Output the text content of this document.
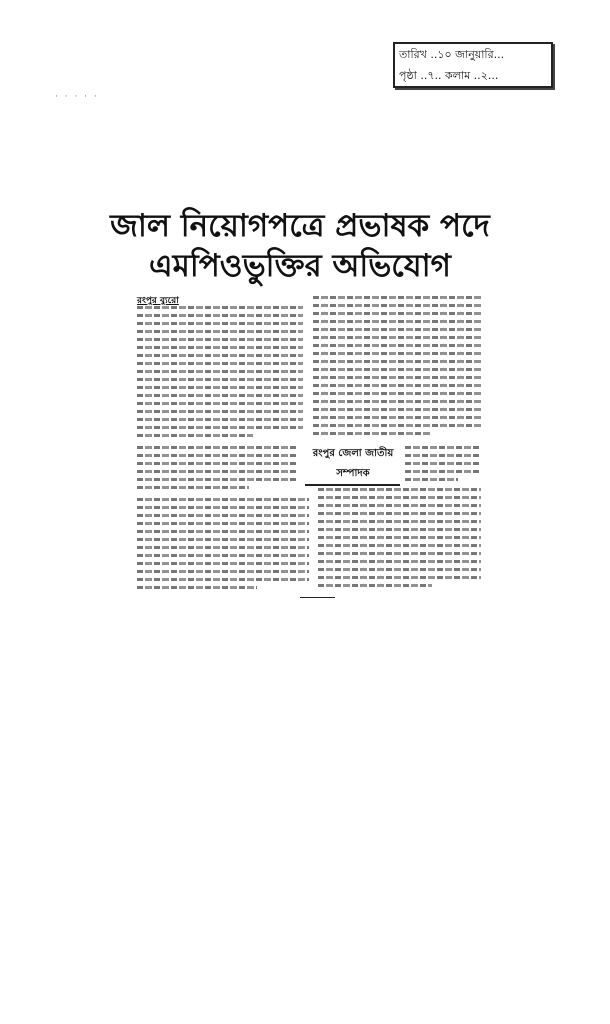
· · · · ·
তারিখ ..১০ জানুয়ারি...
পৃষ্ঠা ..৭.. কলাম ..২...
জাল নিয়োগপত্রে প্রভাষক পদে
এমপিওভুক্তির অভিযোগ
রংপুর ব্যুরো
রংপুর জেলা জাতীয়
সম্পাদক
